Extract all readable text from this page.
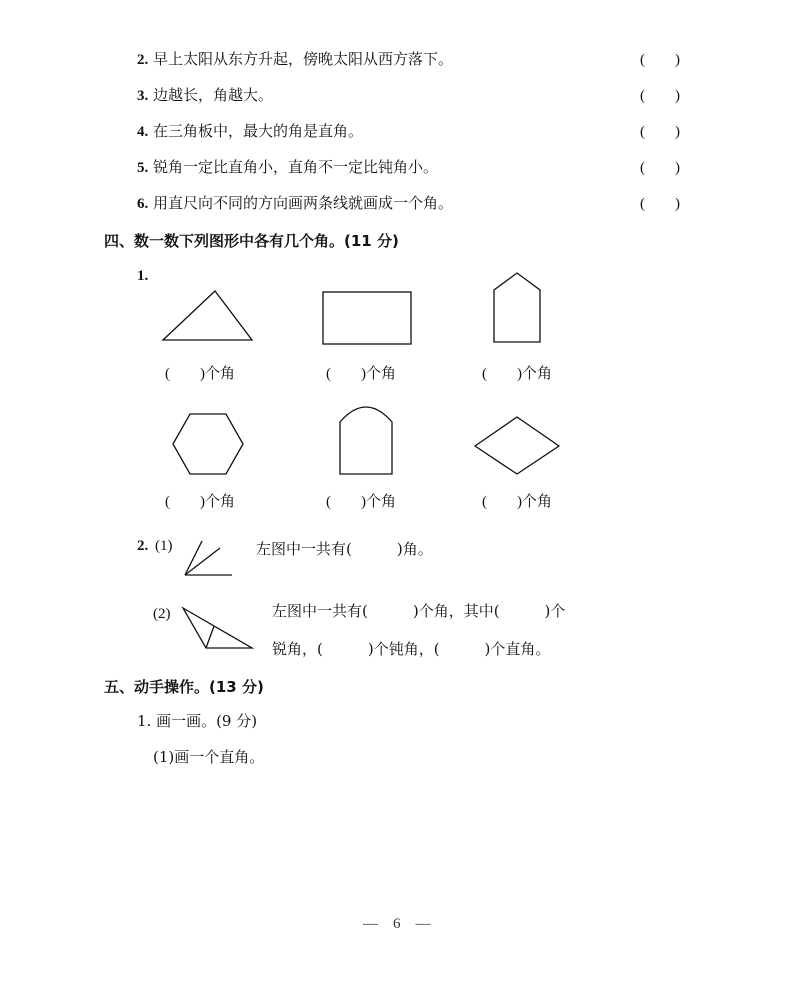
2. 早上太阳从东方升起，傍晚太阳从西方落下。	(　　)
3. 边越长，角越大。	(　　)
4. 在三角板中，最大的角是直角。	(　　)
5. 锐角一定比直角小，直角不一定比钝角小。	(　　)
6. 用直尺向不同的方向画两条线就画成一个角。	(　　)
四、数一数下列图形中各有几个角。(11 分)
1.
(　　)个角	(　　)个角	(　　)个角
(　　)个角	(　　)个角	(　　)个角
2. (1)	左图中一共有(　　　)角。
(2)	左图中一共有(　　　)个角，其中(　　　)个
锐角，(　　　)个钝角，(　　　)个直角。
五、动手操作。(13 分)
1. 画一画。(9 分)
(1)画一个直角。
—　6　—
